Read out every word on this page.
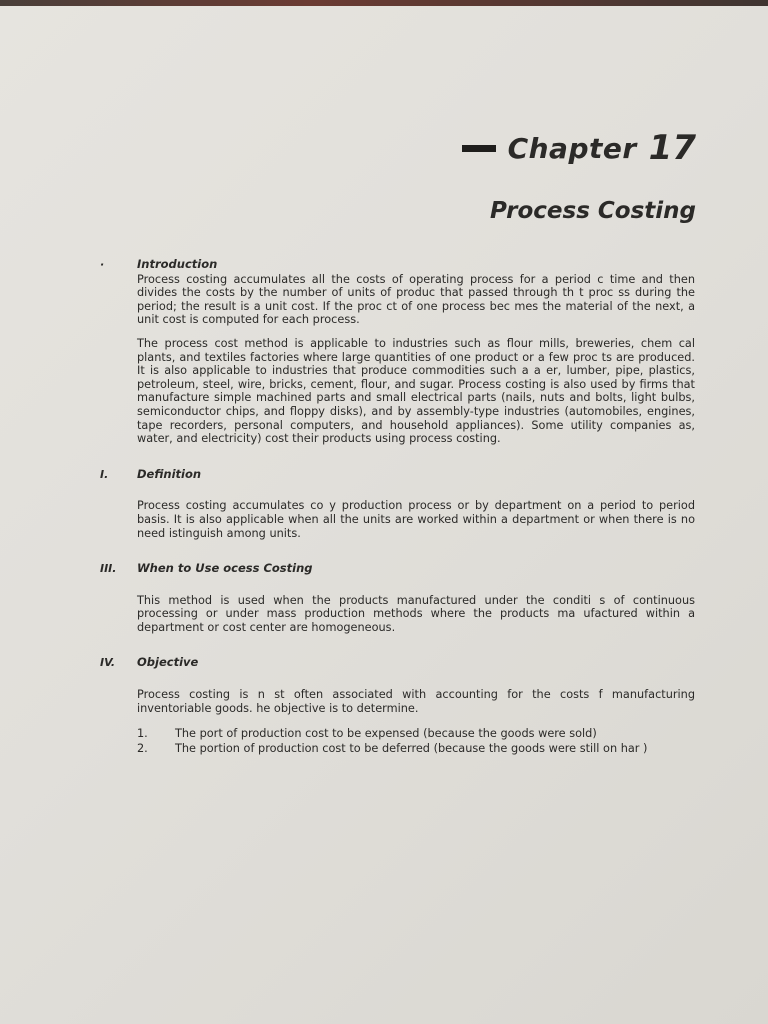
Chapter 17
Process Costing
·	Introduction

Process costing accumulates all the costs of operating process for a period c time and then divides the costs by the number of units of produc that passed through th t proc ss during the period; the result is a unit cost. If the proc ct of one process bec mes the material of the next, a unit cost is computed for each process.

The process cost method is applicable to industries such as flour mills, breweries, chem cal plants, and textiles factories where large quantities of one product or a few proc ts are produced. It is also applicable to industries that produce commodities such a a er, lumber, pipe, plastics, petroleum, steel, wire, bricks, cement, flour, and sugar. Process costing is also used by firms that manufacture simple machined parts and small electrical parts (nails, nuts and bolts, light bulbs, semiconductor chips, and floppy disks), and by assembly-type industries (automobiles, engines, tape recorders, personal computers, and household appliances). Some utility companies as, water, and electricity) cost their products using process costing.

I.	Definition

Process costing accumulates co y production process or by department on a period to period basis. It is also applicable when all the units are worked within a department or when there is no need istinguish among units.

III.	When to Use ocess Costing

This method is used when the products manufactured under the conditi s of continuous processing or under mass production methods where the products ma ufactured within a department or cost center are homogeneous.

IV.	Objective

Process costing is n st often associated with accounting for the costs f manufacturing inventoriable goods. he objective is to determine.

1.	The port of production cost to be expensed (because the goods were sold)
2.	The portion of production cost to be deferred (because the goods were still on har )
